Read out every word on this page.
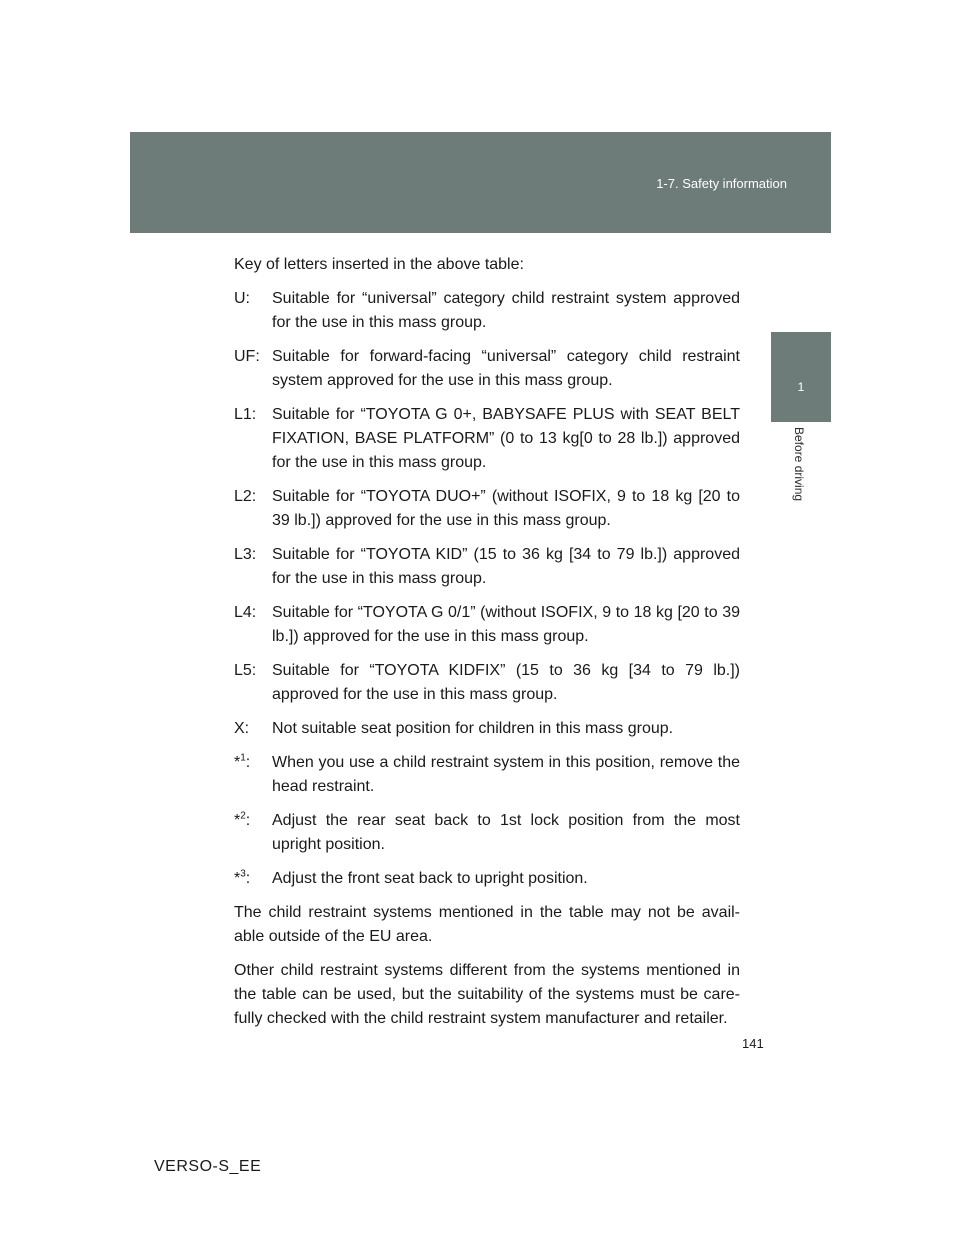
1-7. Safety information
1
Before driving

Key of letters inserted in the above table:

U:	Suitable for “universal” category child restraint system approved for the use in this mass group.
UF: Suitable for forward-facing “universal” category child restraint system approved for the use in this mass group.
L1: Suitable for “TOYOTA G 0+, BABYSAFE PLUS with SEAT BELT FIXATION, BASE PLATFORM” (0 to 13 kg[0 to 28 lb.]) approved for the use in this mass group.
L2: Suitable for “TOYOTA DUO+” (without ISOFIX, 9 to 18 kg [20 to 39 lb.]) approved for the use in this mass group.
L3: Suitable for “TOYOTA KID” (15 to 36 kg [34 to 79 lb.]) approved for the use in this mass group.
L4: Suitable for “TOYOTA G 0/1” (without ISOFIX, 9 to 18 kg [20 to 39 lb.]) approved for the use in this mass group.
L5: Suitable for “TOYOTA KIDFIX” (15 to 36 kg [34 to 79 lb.]) approved for the use in this mass group.
X:	Not suitable seat position for children in this mass group.
*$^1$:	When you use a child restraint system in this position, remove the head restraint.
*$^2$:	Adjust the rear seat back to 1st lock position from the most upright position.
*$^3$:	Adjust the front seat back to upright position.

The child restraint systems mentioned in the table may not be avail-able outside of the EU area.

Other child restraint systems different from the systems mentioned in the table can be used, but the suitability of the systems must be care-fully checked with the child restraint system manufacturer and retailer.

141
VERSO-S_EE
